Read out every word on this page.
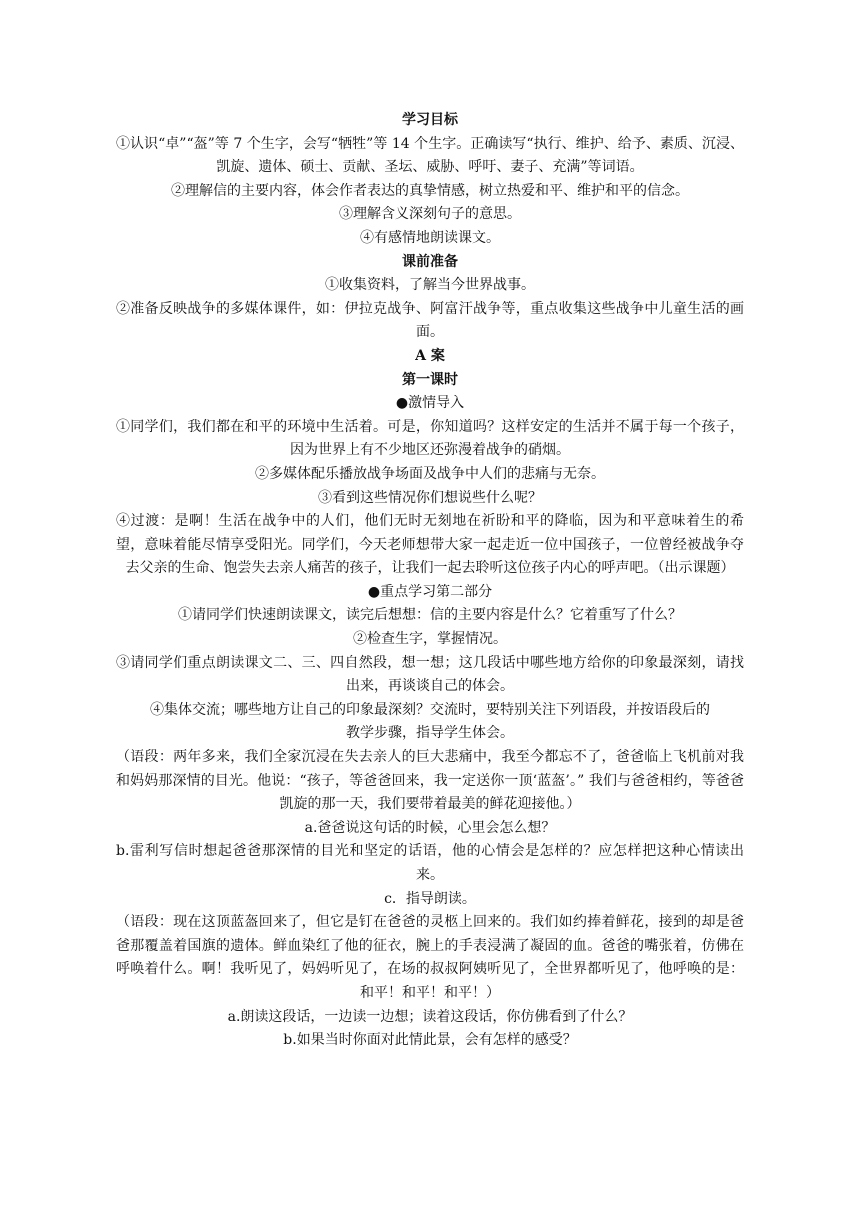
学习目标

①认识“卓”“盔”等 7 个生字，会写“牺牲”等 14 个生字。正确读写“执行、维护、给予、素质、沉浸、凯旋、遗体、硕士、贡献、圣坛、威胁、呼吁、妻子、充满”等词语。

②理解信的主要内容，体会作者表达的真挚情感，树立热爱和平、维护和平的信念。

③理解含义深刻句子的意思。

④有感情地朗读课文。

课前准备

①收集资料，了解当今世界战事。

②准备反映战争的多媒体课件，如：伊拉克战争、阿富汗战争等，重点收集这些战争中儿童生活的画面。

A 案

第一课时

●激情导入

①同学们，我们都在和平的环境中生活着。可是，你知道吗？这样安定的生活并不属于每一个孩子，因为世界上有不少地区还弥漫着战争的硝烟。

②多媒体配乐播放战争场面及战争中人们的悲痛与无奈。

③看到这些情况你们想说些什么呢？

④过渡：是啊！生活在战争中的人们，他们无时无刻地在祈盼和平的降临，因为和平意味着生的希望，意味着能尽情享受阳光。同学们，今天老师想带大家一起走近一位中国孩子，一位曾经被战争夺去父亲的生命、饱尝失去亲人痛苦的孩子，让我们一起去聆听这位孩子内心的呼声吧。（出示课题）

●重点学习第二部分

①请同学们快速朗读课文，读完后想想：信的主要内容是什么？它着重写了什么？

②检查生字，掌握情况。

③请同学们重点朗读课文二、三、四自然段，想一想；这几段话中哪些地方给你的印象最深刻，请找出来，再谈谈自己的体会。

④集体交流；哪些地方让自己的印象最深刻？交流时，要特别关注下列语段，并按语段后的

教学步骤，指导学生体会。

（语段：两年多来，我们全家沉浸在失去亲人的巨大悲痛中，我至今都忘不了，爸爸临上飞机前对我和妈妈那深情的目光。他说：“孩子，等爸爸回来，我一定送你一顶‘蓝盔’。” 我们与爸爸相约，等爸爸凯旋的那一天，我们要带着最美的鲜花迎接他。）

a.爸爸说这句话的时候，心里会怎么想？

b.雷利写信时想起爸爸那深情的目光和坚定的话语，他的心情会是怎样的？应怎样把这种心情读出来。

c．指导朗读。

（语段：现在这顶蓝盔回来了，但它是钉在爸爸的灵柩上回来的。我们如约捧着鲜花，接到的却是爸爸那覆盖着国旗的遗体。鲜血染红了他的征衣，腕上的手表浸满了凝固的血。爸爸的嘴张着，仿佛在呼唤着什么。啊！我听见了，妈妈听见了，在场的叔叔阿姨听见了，全世界都听见了，他呼唤的是：和平！和平！和平！）

a.朗读这段话，一边读一边想；读着这段话，你仿佛看到了什么？

b.如果当时你面对此情此景，会有怎样的感受？
